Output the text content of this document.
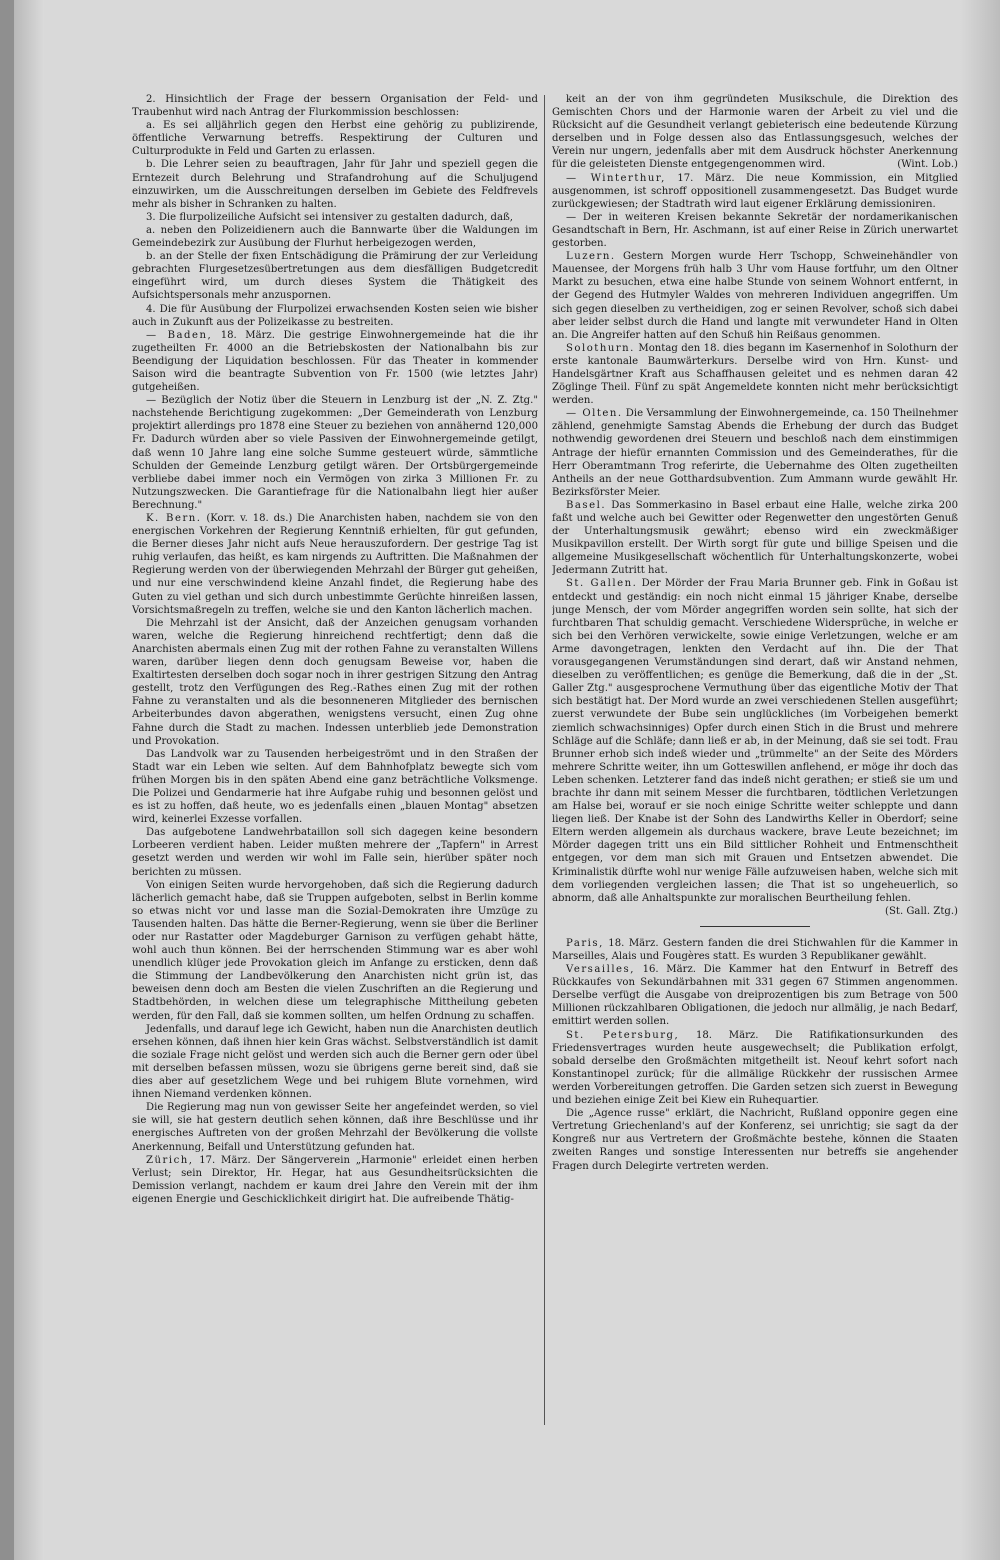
2. Hinsichtlich der Frage der bessern Organisation der Feld- und Traubenhut wird nach Antrag der Flurkommission beschlossen:

a. Es sei alljährlich gegen den Herbst eine gehörig zu publizirende, öffentliche Verwarnung betreffs. Respektirung der Culturen und Culturprodukte in Feld und Garten zu erlassen.

b. Die Lehrer seien zu beauftragen, Jahr für Jahr und speziell gegen die Erntezeit durch Belehrung und Strafandrohung auf die Schuljugend einzuwirken, um die Ausschreitungen derselben im Gebiete des Feldfrevels mehr als bisher in Schranken zu halten.

3. Die flurpolizeiliche Aufsicht sei intensiver zu gestalten dadurch, daß,

a. neben den Polizeidienern auch die Bannwarte über die Waldungen im Gemeindebezirk zur Ausübung der Flurhut herbeigezogen werden,

b. an der Stelle der fixen Entschädigung die Prämirung der zur Verleidung gebrachten Flurgesetzesübertretungen aus dem diesfälligen Budgetcredit eingeführt wird, um durch dieses System die Thätigkeit des Aufsichtspersonals mehr anzuspornen.

4. Die für Ausübung der Flurpolizei erwachsenden Kosten seien wie bisher auch in Zukunft aus der Polizeikasse zu bestreiten.

— Baden, 18. März. Die gestrige Einwohnergemeinde hat die ihr zugetheilten Fr. 4000 an die Betriebskosten der Nationalbahn bis zur Beendigung der Liquidation beschlossen. Für das Theater in kommender Saison wird die beantragte Subvention von Fr. 1500 (wie letztes Jahr) gutgeheißen.

— Bezüglich der Notiz über die Steuern in Lenzburg ist der „N. Z. Ztg." nachstehende Berichtigung zugekommen: „Der Gemeinderath von Lenzburg projektirt allerdings pro 1878 eine Steuer zu beziehen von annähernd 120,000 Fr. Dadurch würden aber so viele Passiven der Einwohnergemeinde getilgt, daß wenn 10 Jahre lang eine solche Summe gesteuert würde, sämmtliche Schulden der Gemeinde Lenzburg getilgt wären. Der Ortsbürgergemeinde verbliebe dabei immer noch ein Vermögen von zirka 3 Millionen Fr. zu Nutzungszwecken. Die Garantiefrage für die Nationalbahn liegt hier außer Berechnung."

K. Bern. (Korr. v. 18. ds.) Die Anarchisten haben, nachdem sie von den energischen Vorkehren der Regierung Kenntniß erhielten, für gut gefunden, die Berner dieses Jahr nicht aufs Neue herauszufordern. Der gestrige Tag ist ruhig verlaufen, das heißt, es kam nirgends zu Auftritten. Die Maßnahmen der Regierung werden von der überwiegenden Mehrzahl der Bürger gut geheißen, und nur eine verschwindend kleine Anzahl findet, die Regierung habe des Guten zu viel gethan und sich durch unbestimmte Gerüchte hinreißen lassen, Vorsichtsmaßregeln zu treffen, welche sie und den Kanton lächerlich machen.

Die Mehrzahl ist der Ansicht, daß der Anzeichen genugsam vorhanden waren, welche die Regierung hinreichend rechtfertigt; denn daß die Anarchisten abermals einen Zug mit der rothen Fahne zu veranstalten Willens waren, darüber liegen denn doch genugsam Beweise vor, haben die Exaltirtesten derselben doch sogar noch in ihrer gestrigen Sitzung den Antrag gestellt, trotz den Verfügungen des Reg.-Rathes einen Zug mit der rothen Fahne zu veranstalten und als die besonneneren Mitglieder des bernischen Arbeiterbundes davon abgerathen, wenigstens versucht, einen Zug ohne Fahne durch die Stadt zu machen. Indessen unterblieb jede Demonstration und Provokation.

Das Landvolk war zu Tausenden herbeigeströmt und in den Straßen der Stadt war ein Leben wie selten. Auf dem Bahnhofplatz bewegte sich vom frühen Morgen bis in den späten Abend eine ganz beträchtliche Volksmenge. Die Polizei und Gendarmerie hat ihre Aufgabe ruhig und besonnen gelöst und es ist zu hoffen, daß heute, wo es jedenfalls einen „blauen Montag" absetzen wird, keinerlei Exzesse vorfallen.

Das aufgebotene Landwehrbataillon soll sich dagegen keine besondern Lorbeeren verdient haben. Leider mußten mehrere der „Tapfern" in Arrest gesetzt werden und werden wir wohl im Falle sein, hierüber später noch berichten zu müssen.

Von einigen Seiten wurde hervorgehoben, daß sich die Regierung dadurch lächerlich gemacht habe, daß sie Truppen aufgeboten, selbst in Berlin komme so etwas nicht vor und lasse man die Sozial-Demokraten ihre Umzüge zu Tausenden halten. Das hätte die Berner-Regierung, wenn sie über die Berliner oder nur Rastatter oder Magdeburger Garnison zu verfügen gehabt hätte, wohl auch thun können. Bei der herrschenden Stimmung war es aber wohl unendlich klüger jede Provokation gleich im Anfange zu ersticken, denn daß die Stimmung der Landbevölkerung den Anarchisten nicht grün ist, das beweisen denn doch am Besten die vielen Zuschriften an die Regierung und Stadtbehörden, in welchen diese um telegraphische Mittheilung gebeten werden, für den Fall, daß sie kommen sollten, um helfen Ordnung zu schaffen.

Jedenfalls, und darauf lege ich Gewicht, haben nun die Anarchisten deutlich ersehen können, daß ihnen hier kein Gras wächst. Selbstverständlich ist damit die soziale Frage nicht gelöst und werden sich auch die Berner gern oder übel mit derselben befassen müssen, wozu sie übrigens gerne bereit sind, daß sie dies aber auf gesetzlichem Wege und bei ruhigem Blute vornehmen, wird ihnen Niemand verdenken können.

Die Regierung mag nun von gewisser Seite her angefeindet werden, so viel sie will, sie hat gestern deutlich sehen können, daß ihre Beschlüsse und ihr energisches Auftreten von der großen Mehrzahl der Bevölkerung die vollste Anerkennung, Beifall und Unterstützung gefunden hat.

Zürich, 17. März. Der Sängerverein „Harmonie" erleidet einen herben Verlust; sein Direktor, Hr. Hegar, hat aus Gesundheitsrücksichten die Demission verlangt, nachdem er kaum drei Jahre den Verein mit der ihm eigenen Energie und Geschicklichkeit dirigirt hat. Die aufreibende Thätig-

keit an der von ihm gegründeten Musikschule, die Direktion des Gemischten Chors und der Harmonie waren der Arbeit zu viel und die Rücksicht auf die Gesundheit verlangt gebieterisch eine bedeutende Kürzung derselben und in Folge dessen also das Entlassungsgesuch, welches der Verein nur ungern, jedenfalls aber mit dem Ausdruck höchster Anerkennung für die geleisteten Dienste entgegengenommen wird.	(Wint. Lob.)

— Winterthur, 17. März. Die neue Kommission, ein Mitglied ausgenommen, ist schroff oppositionell zusammengesetzt. Das Budget wurde zurückgewiesen; der Stadtrath wird laut eigener Erklärung demissioniren.

— Der in weiteren Kreisen bekannte Sekretär der nordamerikanischen Gesandtschaft in Bern, Hr. Aschmann, ist auf einer Reise in Zürich unerwartet gestorben.

Luzern. Gestern Morgen wurde Herr Tschopp, Schweinehändler von Mauensee, der Morgens früh halb 3 Uhr vom Hause fortfuhr, um den Oltner Markt zu besuchen, etwa eine halbe Stunde von seinem Wohnort entfernt, in der Gegend des Hutmyler Waldes von mehreren Individuen angegriffen. Um sich gegen dieselben zu vertheidigen, zog er seinen Revolver, schoß sich dabei aber leider selbst durch die Hand und langte mit verwundeter Hand in Olten an. Die Angreifer hatten auf den Schuß hin Reißaus genommen.

Solothurn. Montag den 18. dies begann im Kasernenhof in Solothurn der erste kantonale Baumwärterkurs. Derselbe wird von Hrn. Kunst- und Handelsgärtner Kraft aus Schaffhausen geleitet und es nehmen daran 42 Zöglinge Theil. Fünf zu spät Angemeldete konnten nicht mehr berücksichtigt werden.

— Olten. Die Versammlung der Einwohnergemeinde, ca. 150 Theilnehmer zählend, genehmigte Samstag Abends die Erhebung der durch das Budget nothwendig gewordenen drei Steuern und beschloß nach dem einstimmigen Antrage der hiefür ernannten Commission und des Gemeinderathes, für die Herr Oberamtmann Trog referirte, die Uebernahme des Olten zugetheilten Antheils an der neue Gotthardsubvention. Zum Ammann wurde gewählt Hr. Bezirksförster Meier.

Basel. Das Sommerkasino in Basel erbaut eine Halle, welche zirka 200 faßt und welche auch bei Gewitter oder Regenwetter den ungestörten Genuß der Unterhaltungsmusik gewährt; ebenso wird ein zweckmäßiger Musikpavillon erstellt. Der Wirth sorgt für gute und billige Speisen und die allgemeine Musikgesellschaft wöchentlich für Unterhaltungskonzerte, wobei Jedermann Zutritt hat.

St. Gallen. Der Mörder der Frau Maria Brunner geb. Fink in Goßau ist entdeckt und geständig: ein noch nicht einmal 15 jähriger Knabe, derselbe junge Mensch, der vom Mörder angegriffen worden sein sollte, hat sich der furchtbaren That schuldig gemacht. Verschiedene Widersprüche, in welche er sich bei den Verhören verwickelte, sowie einige Verletzungen, welche er am Arme davongetragen, lenkten den Verdacht auf ihn. Die der That vorausgegangenen Verumständungen sind derart, daß wir Anstand nehmen, dieselben zu veröffentlichen; es genüge die Bemerkung, daß die in der „St. Galler Ztg." ausgesprochene Vermuthung über das eigentliche Motiv der That sich bestätigt hat. Der Mord wurde an zwei verschiedenen Stellen ausgeführt; zuerst verwundete der Bube sein unglückliches (im Vorbeigehen bemerkt ziemlich schwachsinniges) Opfer durch einen Stich in die Brust und mehrere Schläge auf die Schläfe; dann ließ er ab, in der Meinung, daß sie sei todt. Frau Brunner erhob sich indeß wieder und „trümmelte" an der Seite des Mörders mehrere Schritte weiter, ihn um Gotteswillen anflehend, er möge ihr doch das Leben schenken. Letzterer fand das indeß nicht gerathen; er stieß sie um und brachte ihr dann mit seinem Messer die furchtbaren, tödtlichen Verletzungen am Halse bei, worauf er sie noch einige Schritte weiter schleppte und dann liegen ließ. Der Knabe ist der Sohn des Landwirths Keller in Oberdorf; seine Eltern werden allgemein als durchaus wackere, brave Leute bezeichnet; im Mörder dagegen tritt uns ein Bild sittlicher Rohheit und Entmenschtheit entgegen, vor dem man sich mit Grauen und Entsetzen abwendet. Die Kriminalistik dürfte wohl nur wenige Fälle aufzuweisen haben, welche sich mit dem vorliegenden vergleichen lassen; die That ist so ungeheuerlich, so abnorm, daß alle Anhaltspunkte zur moralischen Beurtheilung fehlen.
(St. Gall. Ztg.)

Paris, 18. März. Gestern fanden die drei Stichwahlen für die Kammer in Marseilles, Alais und Fougères statt. Es wurden 3 Republikaner gewählt.

Versailles, 16. März. Die Kammer hat den Entwurf in Betreff des Rückkaufes von Sekundärbahnen mit 331 gegen 67 Stimmen angenommen. Derselbe verfügt die Ausgabe von dreiprozentigen bis zum Betrage von 500 Millionen rückzahlbaren Obligationen, die jedoch nur allmälig, je nach Bedarf, emittirt werden sollen.

St. Petersburg, 18. März. Die Ratifikationsurkunden des Friedensvertrages wurden heute ausgewechselt; die Publikation erfolgt, sobald derselbe den Großmächten mitgetheilt ist. Neouf kehrt sofort nach Konstantinopel zurück; für die allmälige Rückkehr der russischen Armee werden Vorbereitungen getroffen. Die Garden setzen sich zuerst in Bewegung und beziehen einige Zeit bei Kiew ein Ruhequartier.

Die „Agence russe" erklärt, die Nachricht, Rußland opponire gegen eine Vertretung Griechenland's auf der Konferenz, sei unrichtig; sie sagt da der Kongreß nur aus Vertretern der Großmächte bestehe, können die Staaten zweiten Ranges und sonstige Interessenten nur betreffs sie angehender Fragen durch Delegirte vertreten werden.
